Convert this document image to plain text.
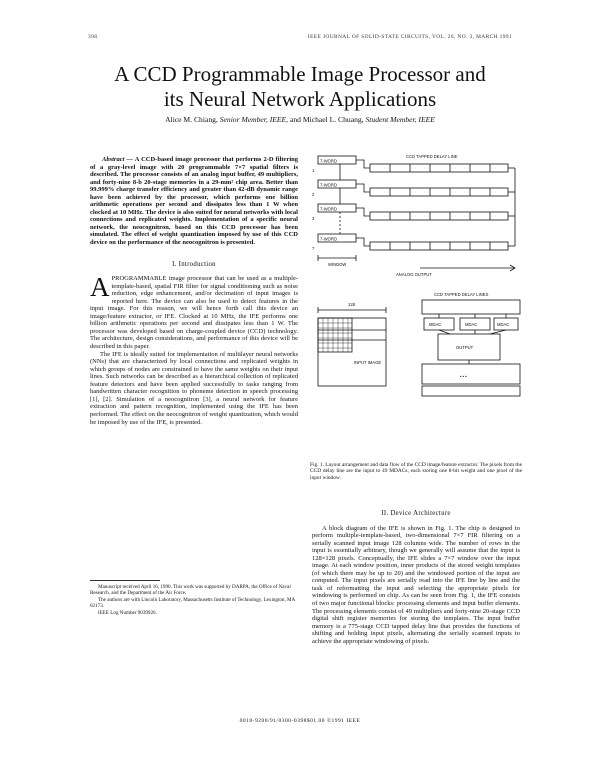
398	IEEE JOURNAL OF SOLID-STATE CIRCUITS, VOL. 26, NO. 3, MARCH 1991
A CCD Programmable Image Processor and
its Neural Network Applications
Alice M. Chiang, Senior Member, IEEE, and Michael L. Chuang, Student Member, IEEE

Abstract — A CCD-based image processor that performs 2-D filtering of a gray-level image with 20 programmable 7×7 spatial filters is described. The processor consists of an analog input buffer, 49 multipliers, and forty-nine 8-b 20-stage memories in a 29-mm² chip area. Better than 99.999% charge transfer efficiency and greater than 42-dB dynamic range have been achieved by the processor, which performs one billion arithmetic operations per second and dissipates less than 1 W when clocked at 10 MHz. The device is also suited for neural networks with local connections and replicated weights. Implementation of a specific neural network, the neocognitron, based on this CCD processor has been simulated. The effect of weight quantization imposed by use of this CCD device on the performance of the neocognitron is presented.

I. Introduction

A PROGRAMMABLE image processor that can be used as a multiple-template-based, spatial FIR filter for signal conditioning such as noise reduction, edge enhancement, and/or decimation of input images is reported here. The device can also be used to detect features in the input image. For this reason, we will hence forth call this device an image/feature extractor, or IFE. Clocked at 10 MHz, the IFE performs one billion arithmetic operations per second and dissipates less than 1 W. The processor was developed based on charge-coupled device (CCD) technology. The architecture, design considerations, and performance of this device will be described in this paper.

The IFE is ideally suited for implementation of multilayer neural networks (NNs) that are characterized by local connections and replicated weights in which groups of nodes are constrained to have the same weights on their input lines. Such networks can be described as a hierarchical collection of replicated feature detectors and have been applied successfully to tasks ranging from handwritten character recognition to phoneme detection in speech processing [1], [2]. Simulation of a neocognitron [3], a neural network for feature extraction and pattern recognition, implemented using the IFE has been performed. The effect on the neocognitron of weight quantization, which would be imposed by use of the IFE, is presented.

Manuscript received April 16, 1990. This work was supported by DARPA, the Office of Naval Research, and the Department of the Air Force.

The authors are with Lincoln Laboratory, Massachusetts Institute of Technology, Lexington, MA 02173.

IEEE Log Number 9039926.

CCD TAPPED DELAY LINE
7-WORD
7-WORD
7-WORD
7-WORD
1
2
3
7
ANALOG OUTPUT
WINDOW
128
INPUT IMAGE
CCD TAPPED DELAY LINES
MDAC	MDAC	MDAC
OUTPUT
• • •
Fig. 1. Layout arrangement and data flow of the CCD image/feature extractor. The pixels from the CCD delay line are the input to 49 MDACs, each storing one 8-bit weight and one pixel of the input window.
II. Device Architecture

A block diagram of the IFE is shown in Fig. 1. The chip is designed to perform multiple-template-based, two-dimensional 7×7 FIR filtering on a serially scanned input image 128 columns wide. The number of rows in the input is essentially arbitrary, though we generally will assume that the input is 128×128 pixels. Conceptually, the IFE slides a 7×7 window over the input image. At each window position, inner products of the stored weight templates (of which there may be up to 20) and the windowed portion of the input are computed. The input pixels are serially read into the IFE line by line and the task of reformatting the input and selecting the appropriate pixels for windowing is performed on chip. As can be seen from Fig. 1, the IFE consists of two major functional blocks: processing elements and input buffer elements. The processing elements consist of 49 multipliers and forty-nine 20-stage CCD digital shift register memories for storing the templates. The input buffer memory is a 775-stage CCD tapped delay line that provides the functions of shifting and holding input pixels, alternating the serially scanned inputs to achieve the appropriate windowing of pixels.

0018-9200/91/0300-0398$01.00 ©1991 IEEE
